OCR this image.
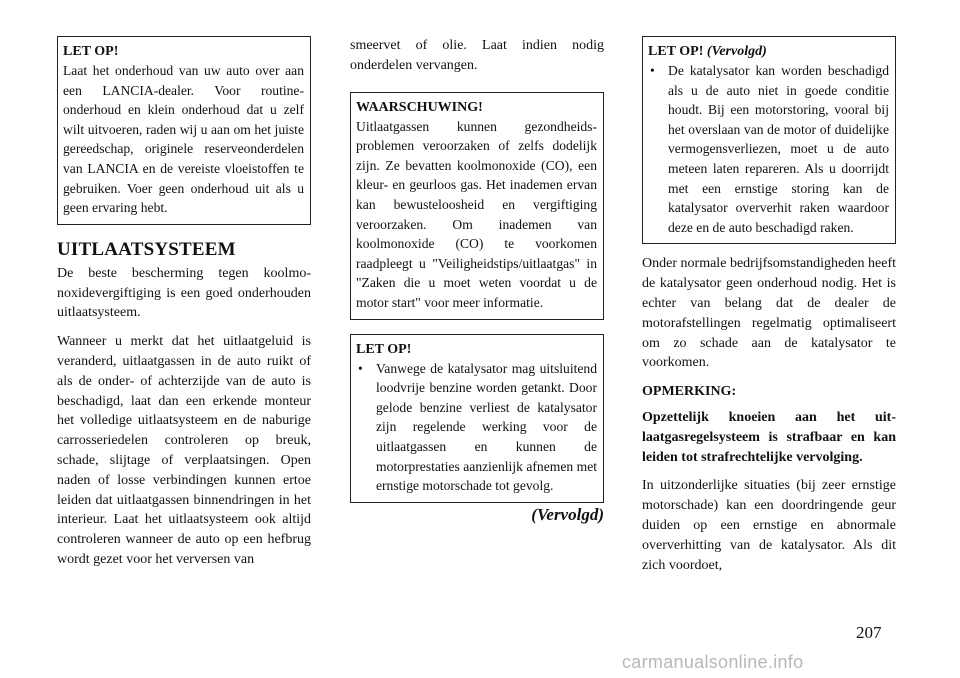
LET OP!

Laat het onderhoud van uw auto over aan een LANCIA-dealer. Voor routine-onderhoud en klein onderhoud dat u zelf wilt uitvoeren, raden wij u aan om het juiste gereedschap, originele reserveonderdelen van LANCIA en de vereiste vloeistoffen te gebruiken. Voer geen onderhoud uit als u geen ervaring hebt.

UITLAATSYSTEEM

De beste bescherming tegen koolmonoxidevergiftiging is een goed onderhouden uitlaatsysteem.

Wanneer u merkt dat het uitlaatgeluid is veranderd, uitlaatgassen in de auto ruikt of als de onder- of achterzijde van de auto is beschadigd, laat dan een erkende monteur het volledige uitlaatsysteem en de naburige carrosseriedelen controleren op breuk, schade, slijtage of verplaatsingen. Open naden of losse verbindingen kunnen ertoe leiden dat uitlaatgassen binnendringen in het interieur. Laat het uitlaatsysteem ook altijd controleren wanneer de auto op een hefbrug wordt gezet voor het verversen van

smeervet of olie. Laat indien nodig onderdelen vervangen.

WAARSCHUWING!

Uitlaatgassen kunnen gezondheidsproblemen veroorzaken of zelfs dodelijk zijn. Ze bevatten koolmonoxide (CO), een kleur- en geurloos gas. Het inademen ervan kan bewusteloosheid en vergiftiging veroorzaken. Om inademen van koolmonoxide (CO) te voorkomen raadpleegt u "Veiligheidstips/uitlaatgas" in "Zaken die u moet weten voordat u de motor start" voor meer informatie.

LET OP!
• Vanwege de katalysator mag uitsluitend loodvrije benzine worden getankt. Door gelode benzine verliest de katalysator zijn regelende werking voor de uitlaatgassen en kunnen de motorprestaties aanzienlijk afnemen met ernstige motorschade tot gevolg.
(Vervolgd)
LET OP! (Vervolgd)
• De katalysator kan worden beschadigd als u de auto niet in goede conditie houdt. Bij een motorstoring, vooral bij het overslaan van de motor of duidelijke vermogensverliezen, moet u de auto meteen laten repareren. Als u doorrijdt met een ernstige storing kan de katalysator oververhit raken waardoor deze en de auto beschadigd raken.

Onder normale bedrijfsomstandigheden heeft de katalysator geen onderhoud nodig. Het is echter van belang dat de dealer de motorafstellingen regelmatig optimaliseert om zo schade aan de katalysator te voorkomen.

OPMERKING:

Opzettelijk knoeien aan het uitlaatgasregelsysteem is strafbaar en kan leiden tot strafrechtelijke vervolging.

In uitzonderlijke situaties (bij zeer ernstige motorschade) kan een doordringende geur duiden op een ernstige en abnormale oververhitting van de katalysator. Als dit zich voordoet,

207
carmanualsonline.info
